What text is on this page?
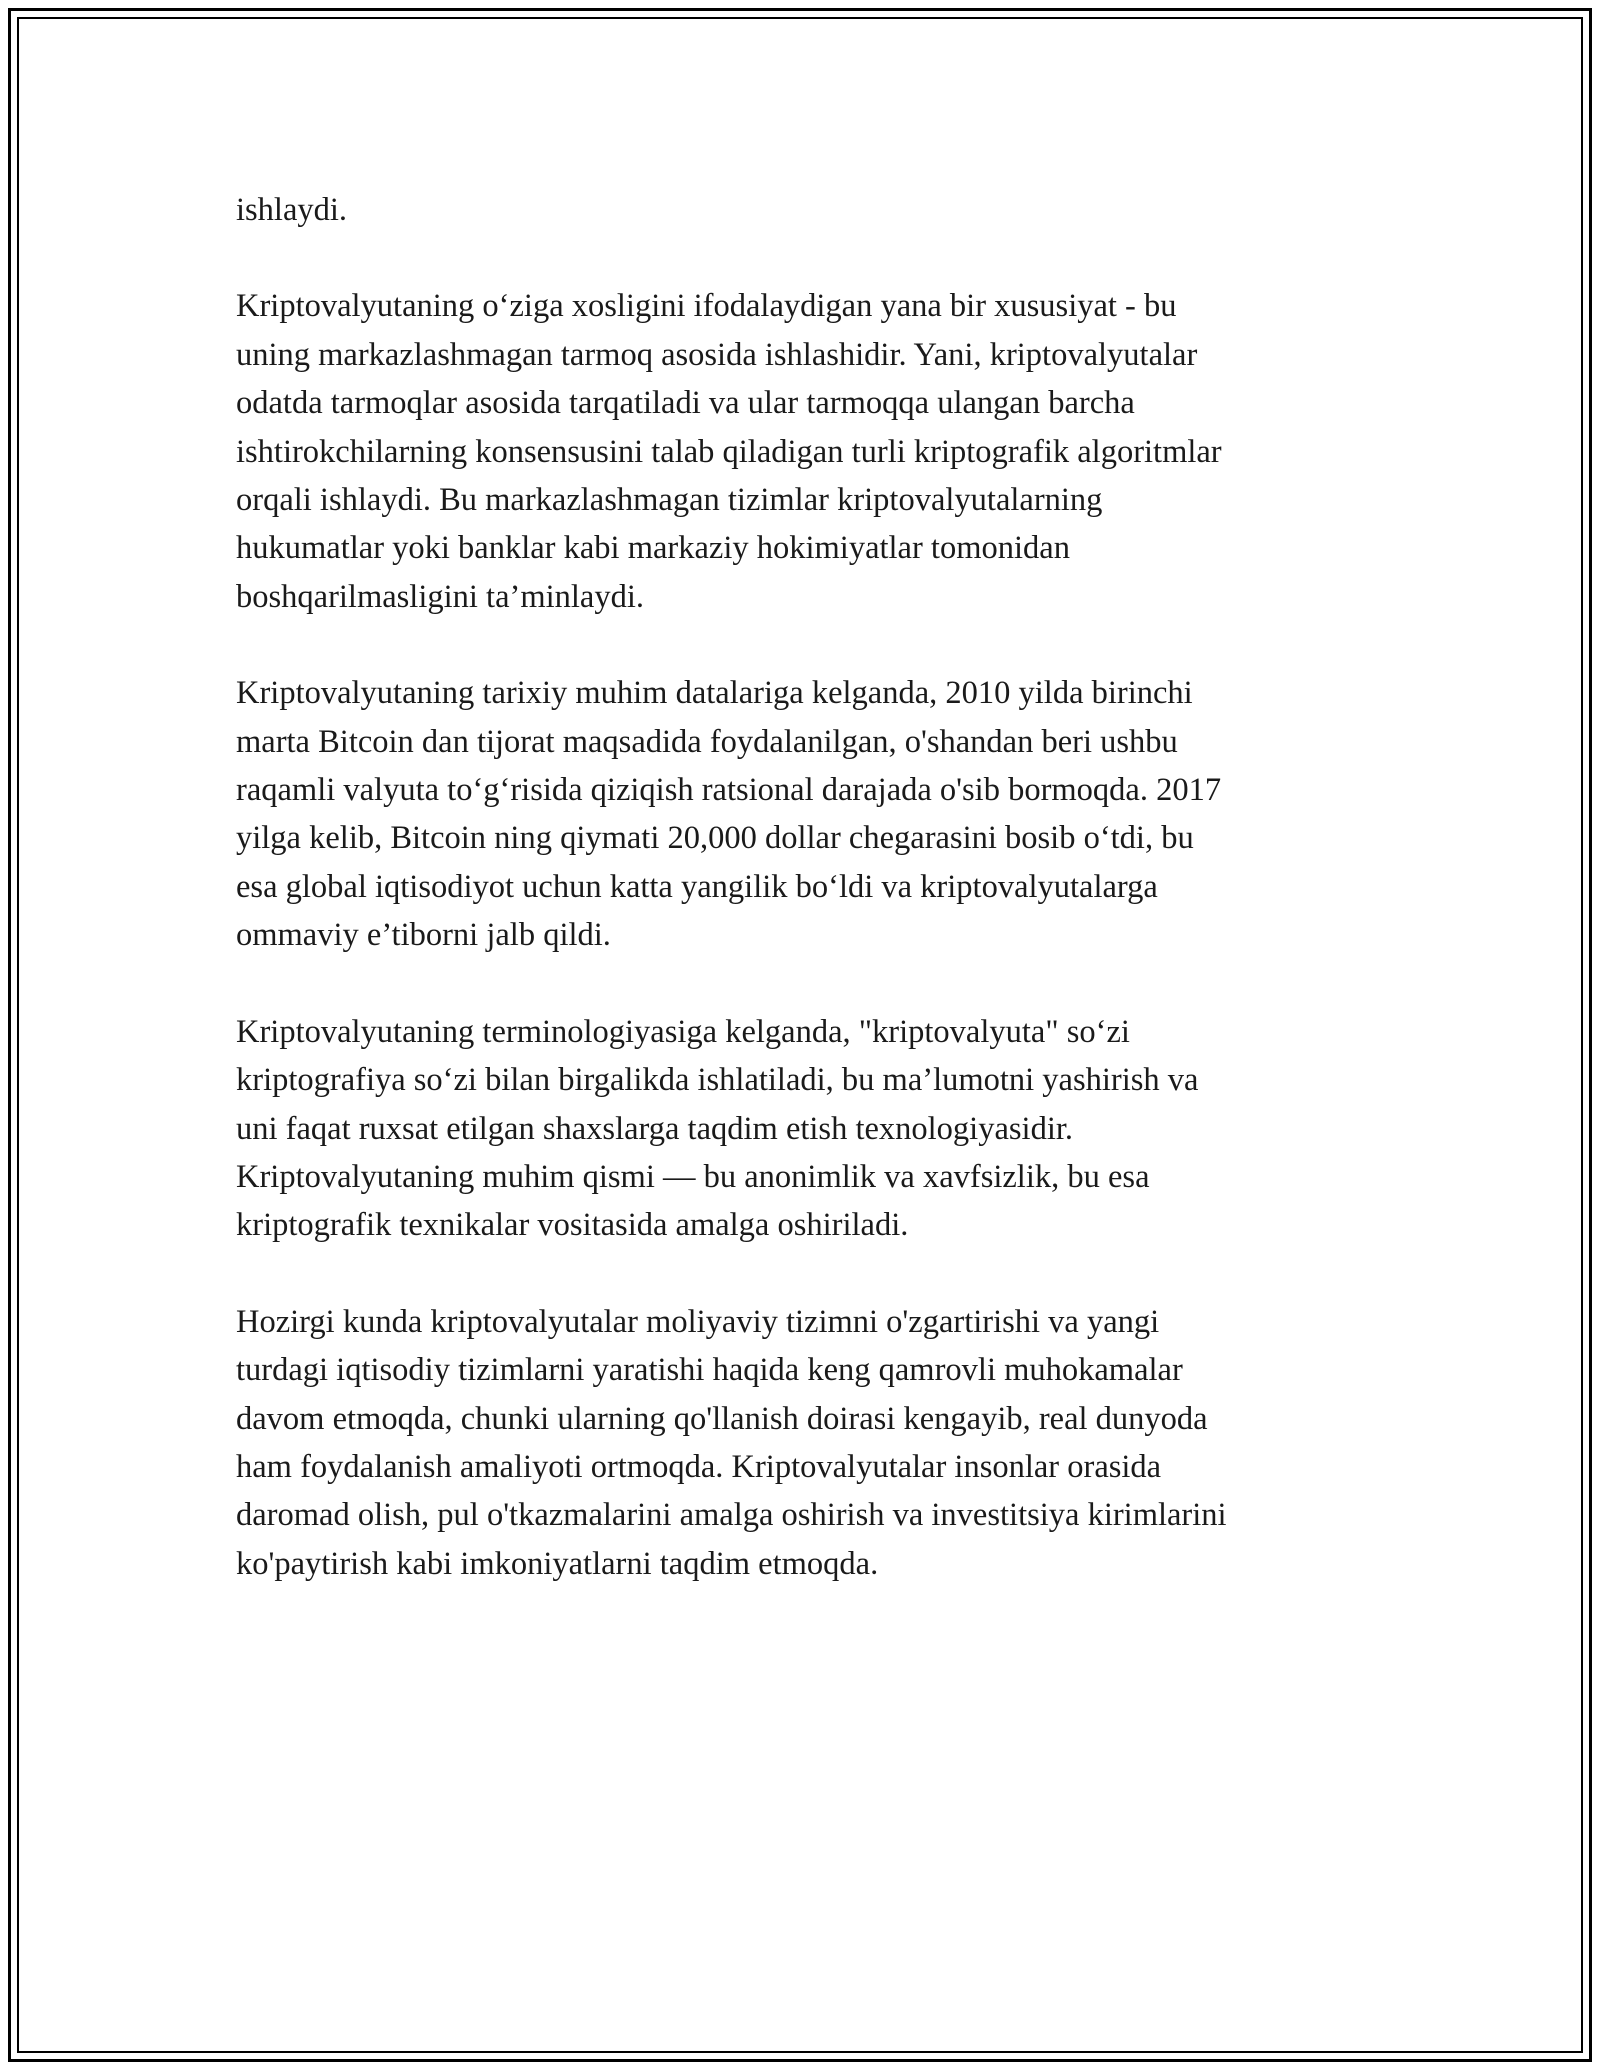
ishlaydi.

Kriptovalyutaning o‘ziga xosligini ifodalaydigan yana bir xususiyat - bu
uning markazlashmagan tarmoq asosida ishlashidir. Yani, kriptovalyutalar
odatda tarmoqlar asosida tarqatiladi va ular tarmoqqa ulangan barcha
ishtirokchilarning konsensusini talab qiladigan turli kriptografik algoritmlar
orqali ishlaydi. Bu markazlashmagan tizimlar kriptovalyutalarning
hukumatlar yoki banklar kabi markaziy hokimiyatlar tomonidan
boshqarilmasligini ta’minlaydi.

Kriptovalyutaning tarixiy muhim datalariga kelganda, 2010 yilda birinchi
marta Bitcoin dan tijorat maqsadida foydalanilgan, o'shandan beri ushbu
raqamli valyuta to‘g‘risida qiziqish ratsional darajada o'sib bormoqda. 2017
yilga kelib, Bitcoin ning qiymati 20,000 dollar chegarasini bosib o‘tdi, bu
esa global iqtisodiyot uchun katta yangilik bo‘ldi va kriptovalyutalarga
ommaviy e’tiborni jalb qildi.

Kriptovalyutaning terminologiyasiga kelganda, "kriptovalyuta" so‘zi
kriptografiya so‘zi bilan birgalikda ishlatiladi, bu ma’lumotni yashirish va
uni faqat ruxsat etilgan shaxslarga taqdim etish texnologiyasidir.
Kriptovalyutaning muhim qismi — bu anonimlik va xavfsizlik, bu esa
kriptografik texnikalar vositasida amalga oshiriladi.

Hozirgi kunda kriptovalyutalar moliyaviy tizimni o'zgartirishi va yangi
turdagi iqtisodiy tizimlarni yaratishi haqida keng qamrovli muhokamalar
davom etmoqda, chunki ularning qo'llanish doirasi kengayib, real dunyoda
ham foydalanish amaliyoti ortmoqda. Kriptovalyutalar insonlar orasida
daromad olish, pul o'tkazmalarini amalga oshirish va investitsiya kirimlarini
ko'paytirish kabi imkoniyatlarni taqdim etmoqda.
